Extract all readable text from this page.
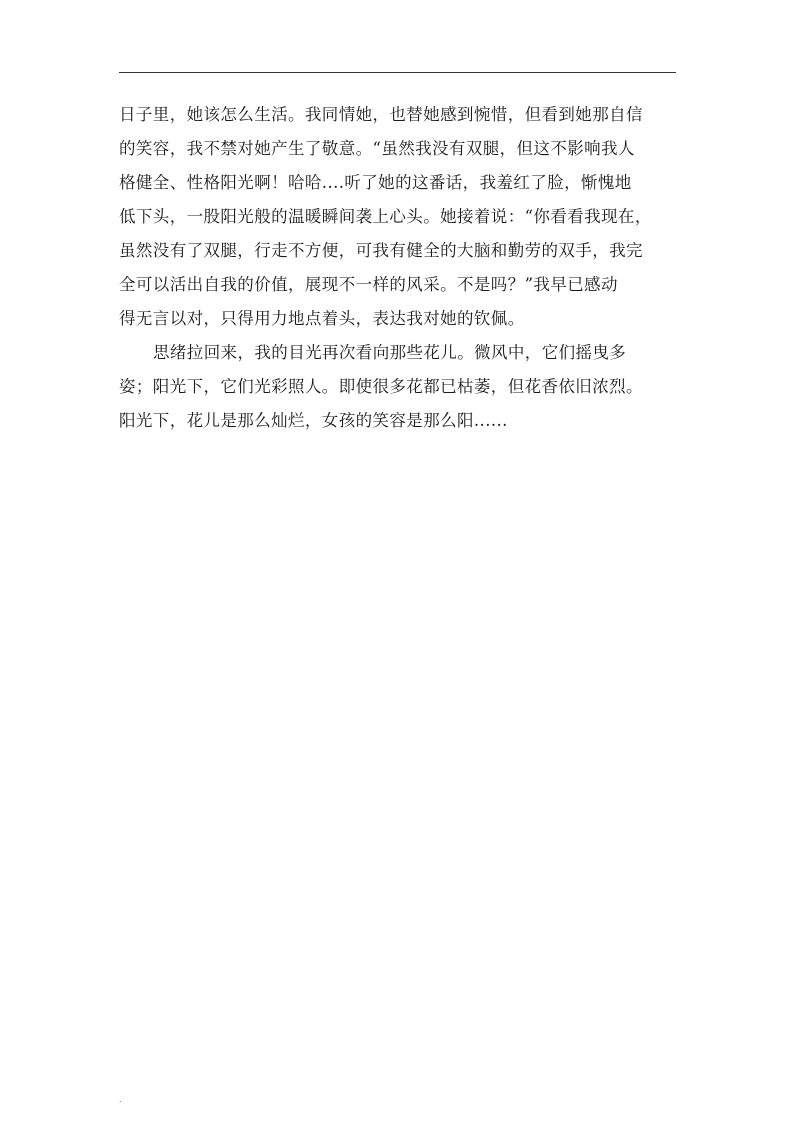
日子里，她该怎么生活。我同情她，也替她感到惋惜，但看到她那自信
的笑容，我不禁对她产生了敬意。“虽然我没有双腿，但这不影响我人
格健全、性格阳光啊！哈哈....听了她的这番话，我羞红了脸，惭愧地
低下头，一股阳光般的温暖瞬间袭上心头。她接着说：“你看看我现在，
虽然没有了双腿，行走不方便，可我有健全的大脑和勤劳的双手，我完
全可以活出自我的价值，展现不一样的风采。不是吗？”我早已感动
得无言以对，只得用力地点着头，表达我对她的钦佩。
思绪拉回来，我的目光再次看向那些花儿。微风中，它们摇曳多
姿；阳光下，它们光彩照人。即使很多花都已枯萎，但花香依旧浓烈。
阳光下，花儿是那么灿烂，女孩的笑容是那么阳......
.
